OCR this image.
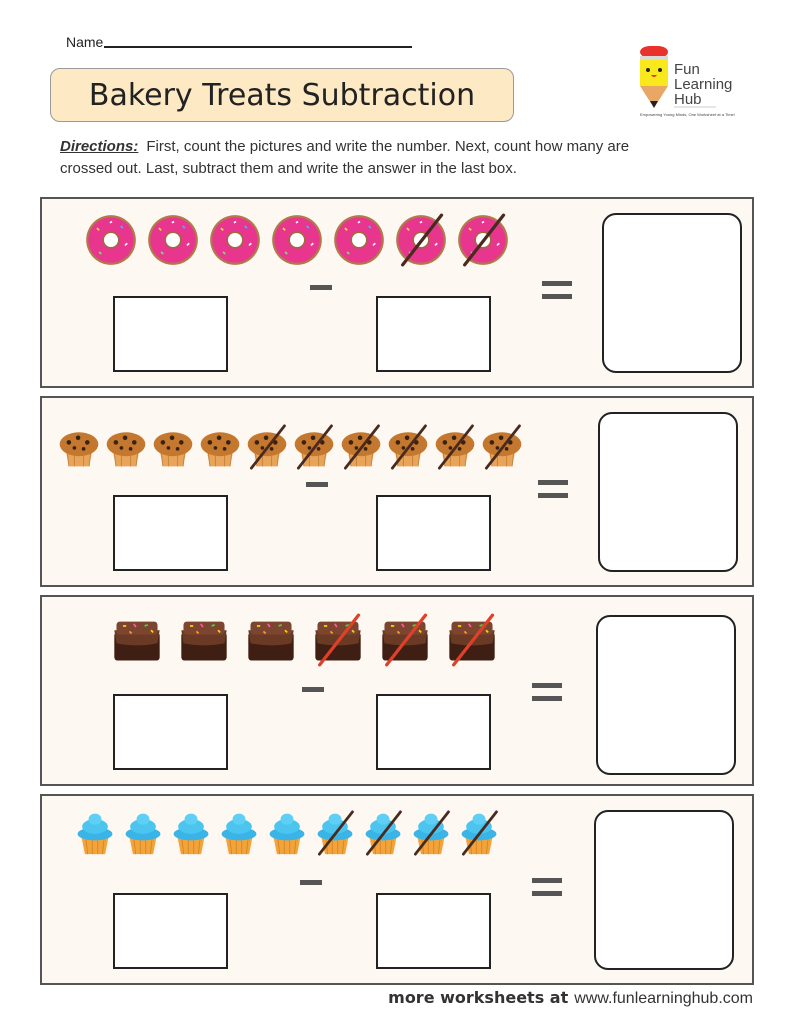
Name
Bakery Treats Subtraction
Fun
Learning
Hub
Empowering Young Minds, One Worksheet at a Time!
Directions: First, count the pictures and write the number. Next, count how many are crossed out. Last, subtract them and write the answer in the last box.
more worksheets at www.funlearninghub.com
